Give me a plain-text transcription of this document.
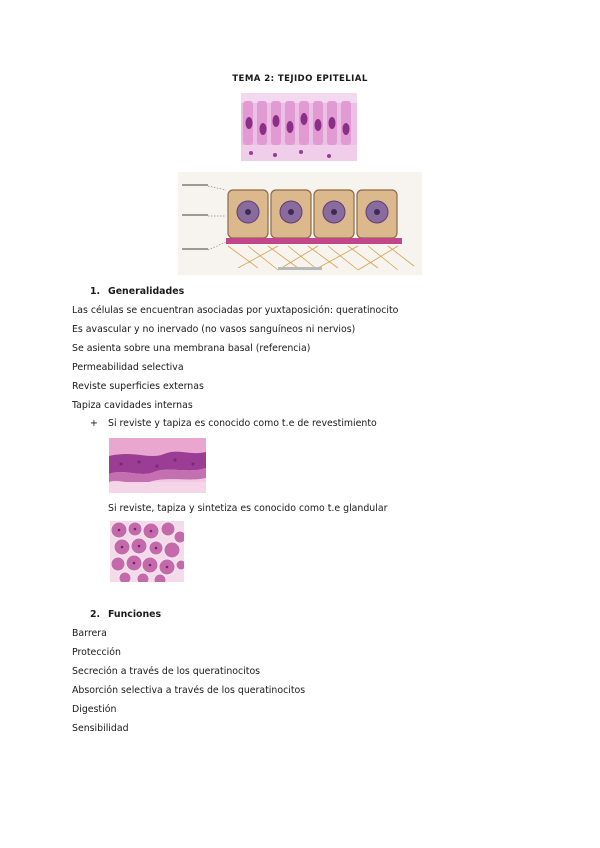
TEMA 2: TEJIDO EPITELIAL
1. Generalidades
Las células se encuentran asociadas por yuxtaposición: queratinocito
Es avascular y no inervado (no vasos sanguíneos ni nervios)
Se asienta sobre una membrana basal (referencia)
Permeabilidad selectiva
Reviste superficies externas
Tapiza cavidades internas
+ Si reviste y tapiza es conocido como t.e de revestimiento
Si reviste, tapiza y sintetiza es conocido como t.e glandular
2. Funciones
Barrera
Protección
Secreción a través de los queratinocitos
Absorción selectiva a través de los queratinocitos
Digestión
Sensibilidad
